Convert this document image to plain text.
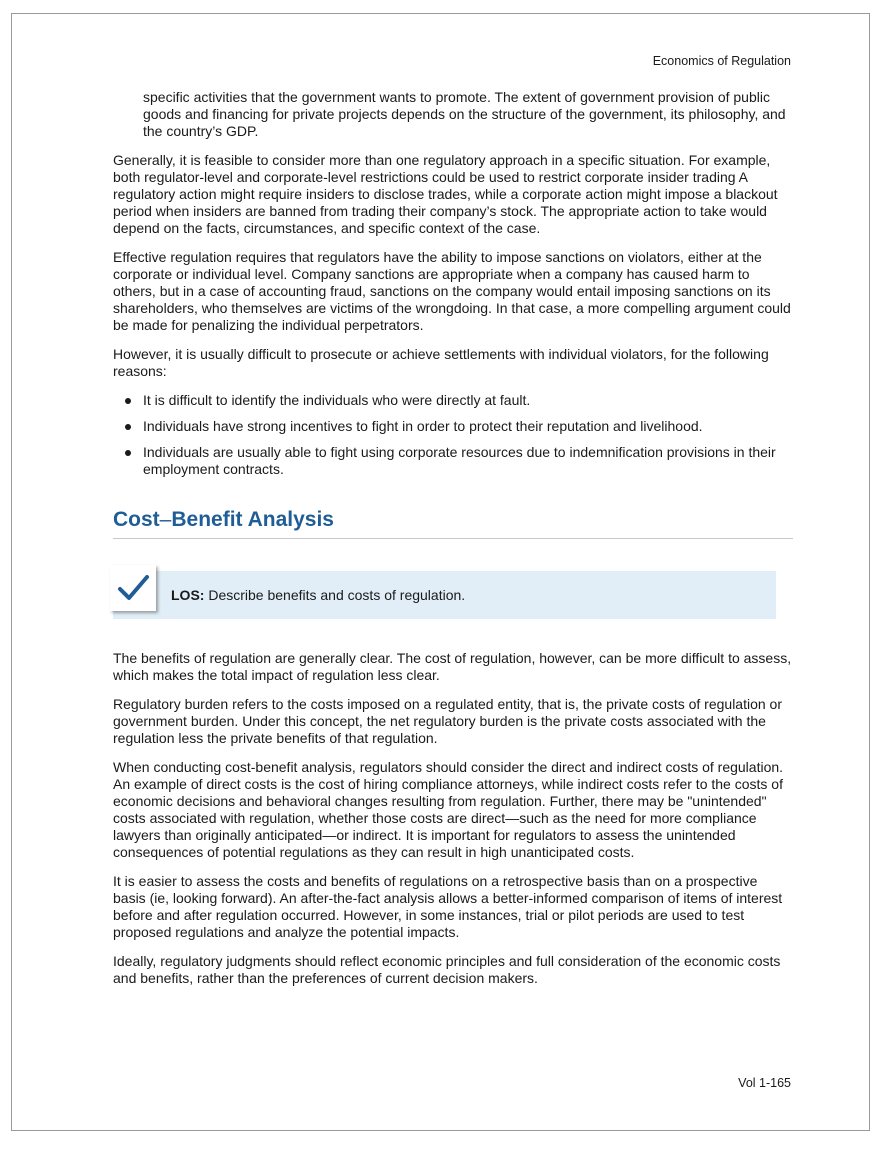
Economics of Regulation

specific activities that the government wants to promote. The extent of government provision of public goods and financing for private projects depends on the structure of the government, its philosophy, and the country’s GDP.

Generally, it is feasible to consider more than one regulatory approach in a specific situation. For example, both regulator-level and corporate-level restrictions could be used to restrict corporate insider trading A regulatory action might require insiders to disclose trades, while a corporate action might impose a blackout period when insiders are banned from trading their company’s stock. The appropriate action to take would depend on the facts, circumstances, and specific context of the case.

Effective regulation requires that regulators have the ability to impose sanctions on violators, either at the corporate or individual level. Company sanctions are appropriate when a company has caused harm to others, but in a case of accounting fraud, sanctions on the company would entail imposing sanctions on its shareholders, who themselves are victims of the wrongdoing. In that case, a more compelling argument could be made for penalizing the individual perpetrators.

However, it is usually difficult to prosecute or achieve settlements with individual violators, for the following reasons:

It is difficult to identify the individuals who were directly at fault.
Individuals have strong incentives to fight in order to protect their reputation and livelihood.
Individuals are usually able to fight using corporate resources due to indemnification provisions in their employment contracts.
Cost–Benefit Analysis
LOS: Describe benefits and costs of regulation.

The benefits of regulation are generally clear. The cost of regulation, however, can be more difficult to assess, which makes the total impact of regulation less clear.

Regulatory burden refers to the costs imposed on a regulated entity, that is, the private costs of regulation or government burden. Under this concept, the net regulatory burden is the private costs associated with the regulation less the private benefits of that regulation.

When conducting cost-benefit analysis, regulators should consider the direct and indirect costs of regulation. An example of direct costs is the cost of hiring compliance attorneys, while indirect costs refer to the costs of economic decisions and behavioral changes resulting from regulation. Further, there may be "unintended" costs associated with regulation, whether those costs are direct—such as the need for more compliance lawyers than originally anticipated—or indirect. It is important for regulators to assess the unintended consequences of potential regulations as they can result in high unanticipated costs.

It is easier to assess the costs and benefits of regulations on a retrospective basis than on a prospective basis (ie, looking forward). An after-the-fact analysis allows a better-informed comparison of items of interest before and after regulation occurred. However, in some instances, trial or pilot periods are used to test proposed regulations and analyze the potential impacts.

Ideally, regulatory judgments should reflect economic principles and full consideration of the economic costs and benefits, rather than the preferences of current decision makers.

Vol 1-165
